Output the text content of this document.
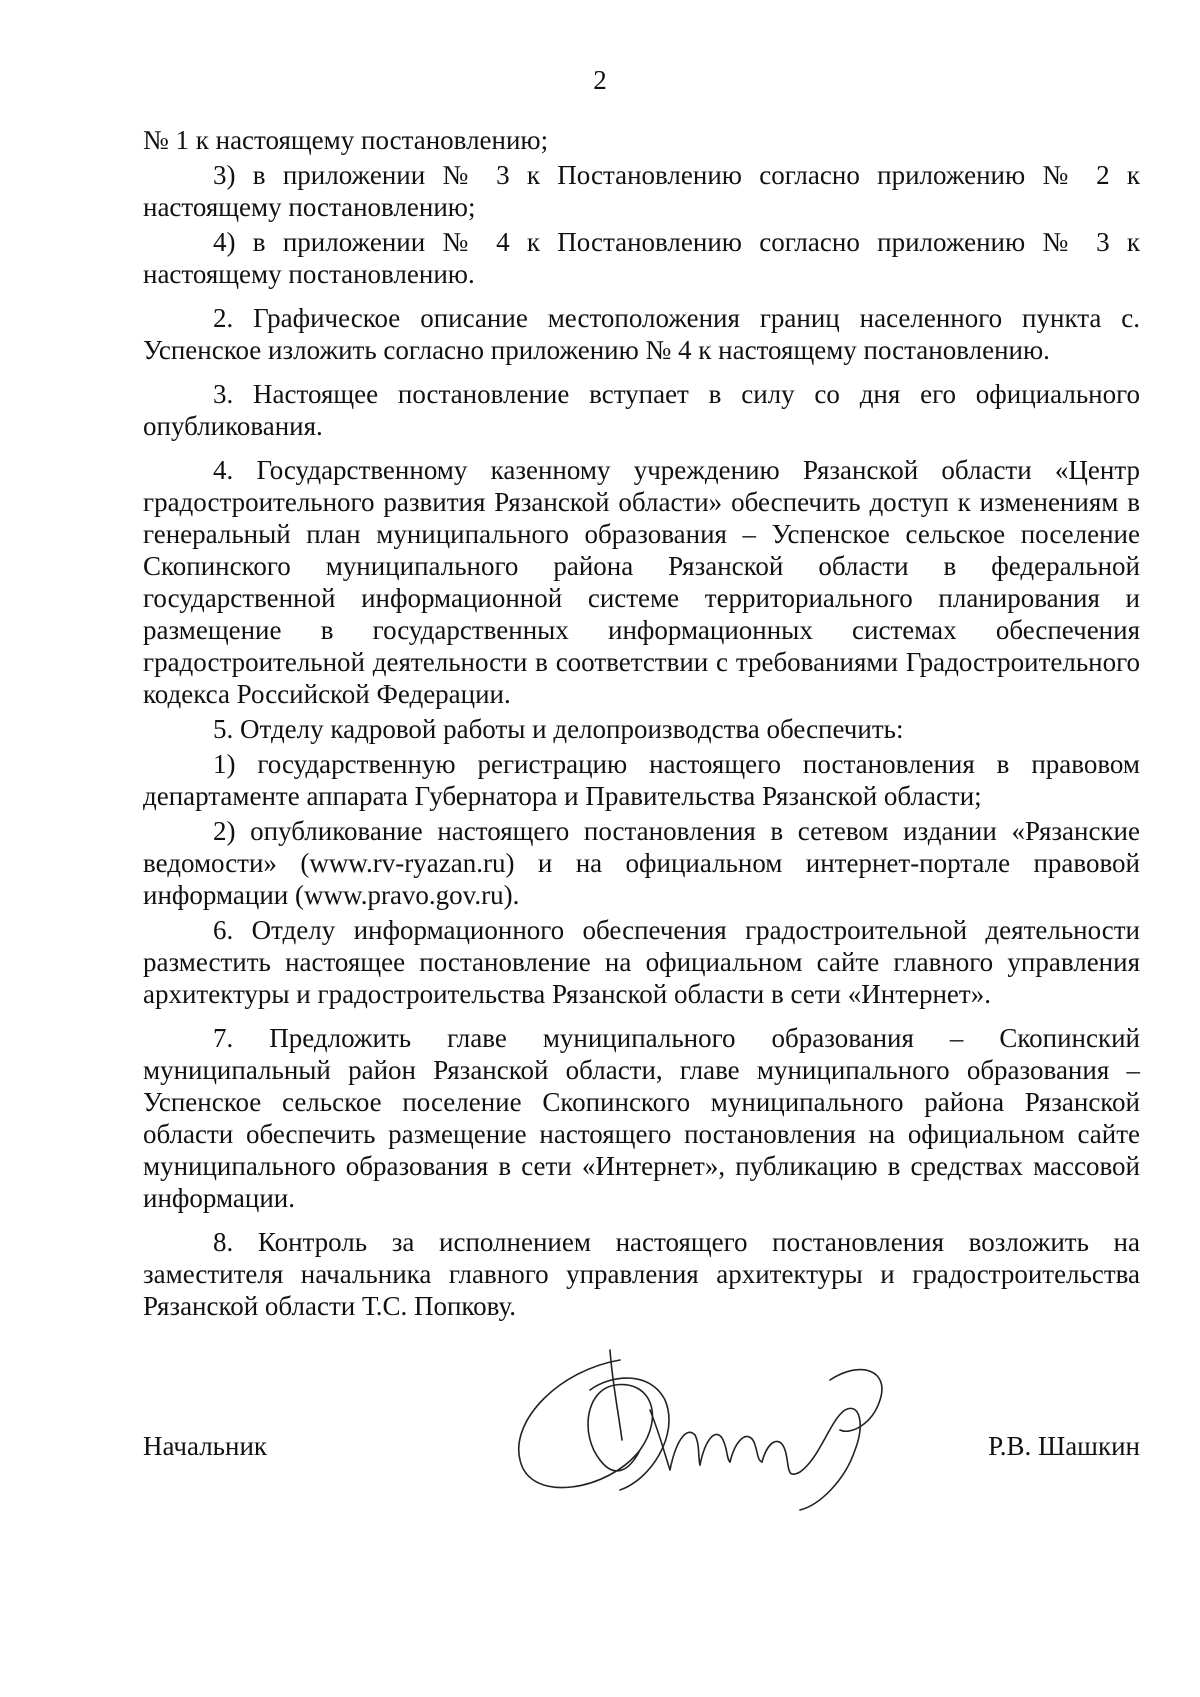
2

№ 1 к настоящему постановлению;

3) в приложении № 3 к Постановлению согласно приложению № 2 к настоящему постановлению;

4) в приложении № 4 к Постановлению согласно приложению № 3 к настоящему постановлению.

2. Графическое описание местоположения границ населенного пункта с. Успенское изложить согласно приложению № 4 к настоящему постановлению.

3. Настоящее постановление вступает в силу со дня его официального опубликования.

4. Государственному казенному учреждению Рязанской области «Центр градостроительного развития Рязанской области» обеспечить доступ к изменениям в генеральный план муниципального образования – Успенское сельское поселение Скопинского муниципального района Рязанской области в федеральной государственной информационной системе территориального планирования и размещение в государственных информационных системах обеспечения градостроительной деятельности в соответствии с требованиями Градостроительного кодекса Российской Федерации.

5. Отделу кадровой работы и делопроизводства обеспечить:

1) государственную регистрацию настоящего постановления в правовом департаменте аппарата Губернатора и Правительства Рязанской области;

2) опубликование настоящего постановления в сетевом издании «Рязанские ведомости» (www.rv-ryazan.ru) и на официальном интернет-портале правовой информации (www.pravo.gov.ru).

6. Отделу информационного обеспечения градостроительной деятельности разместить настоящее постановление на официальном сайте главного управления архитектуры и градостроительства Рязанской области в сети «Интернет».

7. Предложить главе муниципального образования – Скопинский муниципальный район Рязанской области, главе муниципального образования – Успенское сельское поселение Скопинского муниципального района Рязанской области обеспечить размещение настоящего постановления на официальном сайте муниципального образования в сети «Интернет», публикацию в средствах массовой информации.

8. Контроль за исполнением настоящего постановления возложить на заместителя начальника главного управления архитектуры и градостроительства Рязанской области Т.С. Попкову.

Начальник	Р.В. Шашкин
